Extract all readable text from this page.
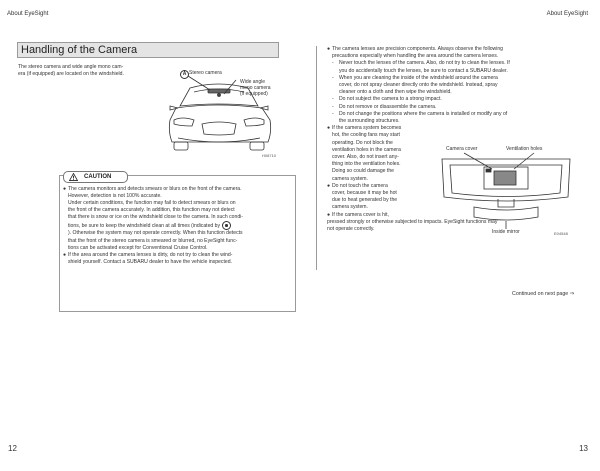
About EyeSight	About EyeSight
Handling of the Camera
The stereo camera and wide angle mono cam-
era (if equipped) are located on the windshield.	A Stereo camera
Wide angle
mono camera
(if equipped)
H08710
CAUTION
● The camera monitors and detects smears or blurs on the front of the camera.

However, detection is not 100% accurate.

Under certain conditions, the function may fail to detect smears or blurs on

the front of the camera accurately. In addition, this function may not detect

that there is snow or ice on the windshield close to the camera. In such condi-

tions, be sure to keep the windshield clean at all times (indicated by

). Otherwise the system may not operate correctly. When this function detects

that the front of the stereo camera is smeared or blurred, no EyeSight func-

tions can be activated except for Conventional Cruise Control.

● If the area around the camera lenses is dirty, do not try to clean the wind-

shield yourself. Contact a SUBARU dealer to have the vehicle inspected.

● The camera lenses are precision components. Always observe the following
precautions especially when handling the area around the camera lenses.
- Never touch the lenses of the camera. Also, do not try to clean the lenses. If
you do accidentally touch the lenses, be sure to contact a SUBARU dealer.
- When you are cleaning the inside of the windshield around the camera
cover, do not spray cleaner directly onto the windshield. Instead, spray
cleaner onto a cloth and then wipe the windshield.
- Do not subject the camera to a strong impact.
- Do not remove or disassemble the camera.
- Do not change the positions where the camera is installed or modify any of
the surrounding structures.
● If the camera system becomes
hot, the cooling fans may start
operating. Do not block the
ventilation holes in the camera
cover. Also, do not insert any-
thing into the ventilation holes.
Doing so could damage the
camera system.
● Do not touch the camera
cover, because it may be hot
due to heat generated by the
camera system.
● If the camera cover is hit,
pressed strongly or otherwise subjected to impacts. EyeSight functions may
not operate correctly.
Camera cover	Ventilation holes
Inside mirror	E04548
Continued on next page ⇒
12	13
